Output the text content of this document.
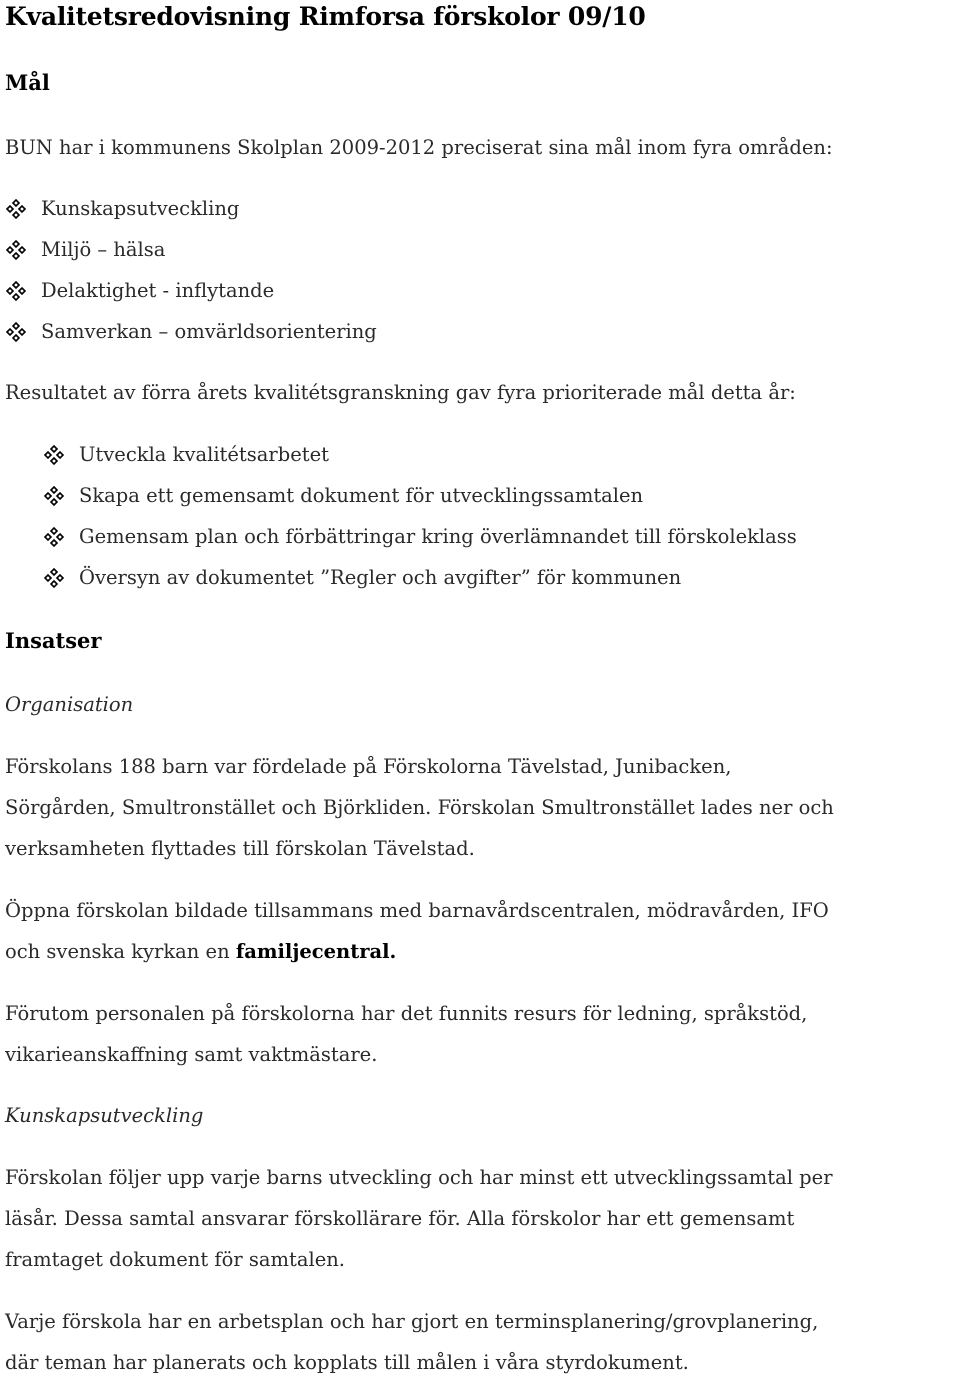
Kvalitetsredovisning Rimforsa förskolor 09/10
Mål
BUN har i kommunens Skolplan 2009-2012 preciserat sina mål inom fyra områden:
Kunskapsutveckling
Miljö – hälsa
Delaktighet - inflytande
Samverkan – omvärldsorientering
Resultatet av förra årets kvalitétsgranskning gav fyra prioriterade mål detta år:
Utveckla kvalitétsarbetet
Skapa ett gemensamt dokument för utvecklingssamtalen
Gemensam plan och förbättringar kring överlämnandet till förskoleklass
Översyn av dokumentet ”Regler och avgifter” för kommunen
Insatser
Organisation
Förskolans 188 barn var fördelade på Förskolorna Tävelstad, Junibacken,
Sörgården, Smultronstället och Björkliden. Förskolan Smultronstället lades ner och
verksamheten flyttades till förskolan Tävelstad.
Öppna förskolan bildade tillsammans med barnavårdscentralen, mödravården, IFO
och svenska kyrkan en familjecentral.
Förutom personalen på förskolorna har det funnits resurs för ledning, språkstöd,
vikarieanskaffning samt vaktmästare.
Kunskapsutveckling
Förskolan följer upp varje barns utveckling och har minst ett utvecklingssamtal per
läsår. Dessa samtal ansvarar förskollärare för. Alla förskolor har ett gemensamt
framtaget dokument för samtalen.
Varje förskola har en arbetsplan och har gjort en terminsplanering/grovplanering,
där teman har planerats och kopplats till målen i våra styrdokument.
